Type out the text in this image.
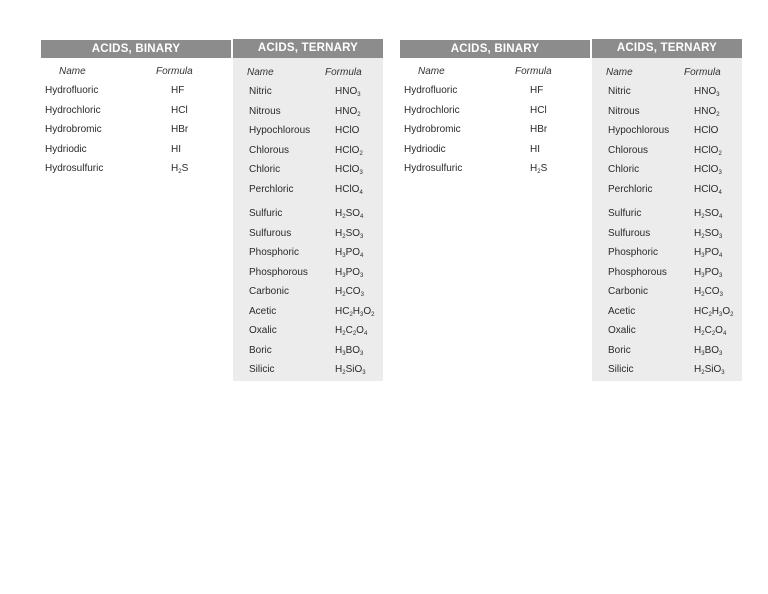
ACIDS, BINARY
Name	Formula
Hydrofluoric	HF
Hydrochloric	HCl
Hydrobromic	HBr
Hydriodic	HI
Hydrosulfuric	$H_2S$
ACIDS, TERNARY
Name	Formula
Nitric	$HNO_3$
Nitrous	$HNO_2$
Hypochlorous HClO
Chlorous	HClO$_2$
Chloric	HClO$_3$
Perchloric	HClO$_4$
Sulfuric	$H_2SO_4$
Sulfurous	$H_2SO_3$
Phosphoric	$H_3PO_4$
Phosphorous	$H_3PO_3$
Carbonic	$H_2CO_3$
Acetic	$HC_2H_3O_2$
Oxalic	$H_2C_2O_4$
Boric	$H_3BO_3$
Silicic	$H_2SiO_3$
ACIDS, BINARY
Name	Formula
Hydrofluoric	HF
Hydrochloric	HCl
Hydrobromic	HBr
Hydriodic	HI
Hydrosulfuric	$H_2S$
ACIDS, TERNARY
Name	Formula
Nitric	$HNO_3$
Nitrous	$HNO_2$
Hypochlorous HClO
Chlorous	HClO$_2$
Chloric	HClO$_3$
Perchloric	HClO$_4$
Sulfuric	$H_2SO_4$
Sulfurous	$H_2SO_3$
Phosphoric	$H_3PO_4$
Phosphorous	$H_3PO_3$
Carbonic	$H_2CO_3$
Acetic	$HC_2H_3O_2$
Oxalic	$H_2C_2O_4$
Boric	$H_3BO_3$
Silicic	$H_2SiO_3$
